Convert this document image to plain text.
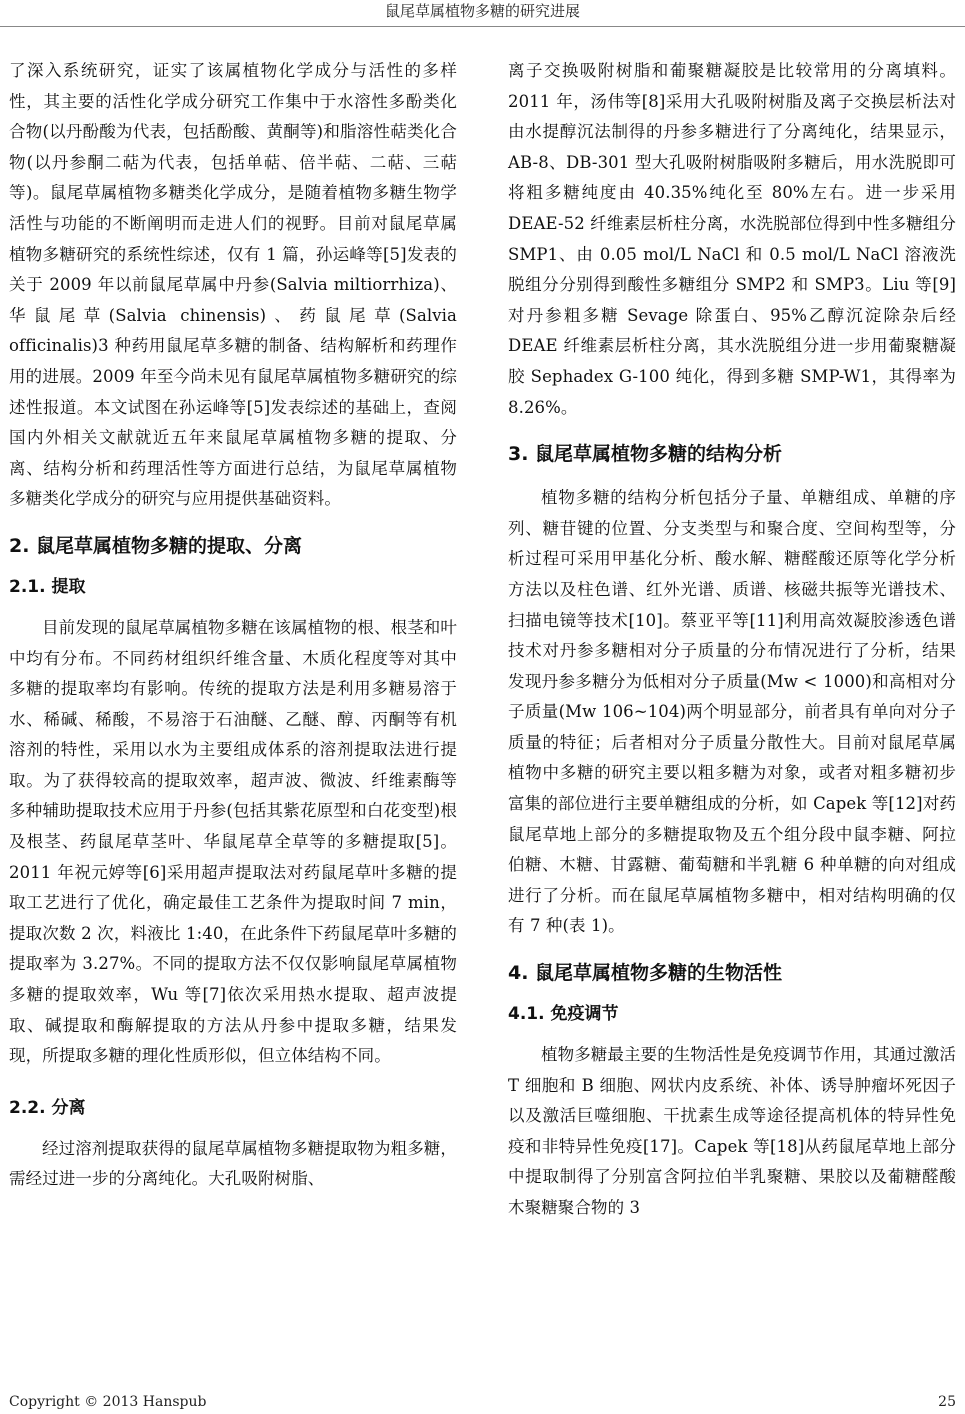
鼠尾草属植物多糖的研究进展

了深入系统研究，证实了该属植物化学成分与活性的多样性，其主要的活性化学成分研究工作集中于水溶性多酚类化合物(以丹酚酸为代表，包括酚酸、黄酮等)和脂溶性萜类化合物(以丹参酮二萜为代表，包括单萜、倍半萜、二萜、三萜等)。鼠尾草属植物多糖类化学成分，是随着植物多糖生物学活性与功能的不断阐明而走进人们的视野。目前对鼠尾草属植物多糖研究的系统性综述，仅有 1 篇，孙运峰等[5]发表的关于 2009 年以前鼠尾草属中丹参(Salvia miltiorrhiza)、华鼠尾草(Salvia chinensis)、药鼠尾草(Salvia officinalis)3 种药用鼠尾草多糖的制备、结构解析和药理作用的进展。2009 年至今尚未见有鼠尾草属植物多糖研究的综述性报道。本文试图在孙运峰等[5]发表综述的基础上，查阅国内外相关文献就近五年来鼠尾草属植物多糖的提取、分离、结构分析和药理活性等方面进行总结，为鼠尾草属植物多糖类化学成分的研究与应用提供基础资料。

2. 鼠尾草属植物多糖的提取、分离
2.1. 提取

目前发现的鼠尾草属植物多糖在该属植物的根、根茎和叶中均有分布。不同药材组织纤维含量、木质化程度等对其中多糖的提取率均有影响。传统的提取方法是利用多糖易溶于水、稀碱、稀酸，不易溶于石油醚、乙醚、醇、丙酮等有机溶剂的特性，采用以水为主要组成体系的溶剂提取法进行提取。为了获得较高的提取效率，超声波、微波、纤维素酶等多种辅助提取技术应用于丹参(包括其紫花原型和白花变型)根及根茎、药鼠尾草茎叶、华鼠尾草全草等的多糖提取[5]。2011 年祝元婷等[6]采用超声提取法对药鼠尾草叶多糖的提取工艺进行了优化，确定最佳工艺条件为提取时间 7 min，提取次数 2 次，料液比 1:40，在此条件下药鼠尾草叶多糖的提取率为 3.27%。不同的提取方法不仅仅影响鼠尾草属植物多糖的提取效率，Wu 等[7]依次采用热水提取、超声波提取、碱提取和酶解提取的方法从丹参中提取多糖，结果发现，所提取多糖的理化性质形似，但立体结构不同。

2.2. 分离

经过溶剂提取获得的鼠尾草属植物多糖提取物为粗多糖，需经过进一步的分离纯化。大孔吸附树脂、

离子交换吸附树脂和葡聚糖凝胶是比较常用的分离填料。2011 年，汤伟等[8]采用大孔吸附树脂及离子交换层析法对由水提醇沉法制得的丹参多糖进行了分离纯化，结果显示，AB-8、DB-301 型大孔吸附树脂吸附多糖后，用水洗脱即可将粗多糖纯度由 40.35%纯化至 80%左右。进一步采用 DEAE-52 纤维素层析柱分离，水洗脱部位得到中性多糖组分 SMP1、由 0.05 mol/L NaCl 和 0.5 mol/L NaCl 溶液洗脱组分分别得到酸性多糖组分 SMP2 和 SMP3。Liu 等[9]对丹参粗多糖 Sevage 除蛋白、95%乙醇沉淀除杂后经 DEAE 纤维素层析柱分离，其水洗脱组分进一步用葡聚糖凝胶 Sephadex G-100 纯化，得到多糖 SMP-W1，其得率为 8.26%。

3. 鼠尾草属植物多糖的结构分析

植物多糖的结构分析包括分子量、单糖组成、单糖的序列、糖苷键的位置、分支类型与和聚合度、空间构型等，分析过程可采用甲基化分析、酸水解、糖醛酸还原等化学分析方法以及柱色谱、红外光谱、质谱、核磁共振等光谱技术、扫描电镜等技术[10]。蔡亚平等[11]利用高效凝胶渗透色谱技术对丹参多糖相对分子质量的分布情况进行了分析，结果发现丹参多糖分为低相对分子质量(Mw < 1000)和高相对分子质量(Mw 106~104)两个明显部分，前者具有单向对分子质量的特征；后者相对分子质量分散性大。目前对鼠尾草属植物中多糖的研究主要以粗多糖为对象，或者对粗多糖初步富集的部位进行主要单糖组成的分析，如 Capek 等[12]对药鼠尾草地上部分的多糖提取物及五个组分段中鼠李糖、阿拉伯糖、木糖、甘露糖、葡萄糖和半乳糖 6 种单糖的向对组成进行了分析。而在鼠尾草属植物多糖中，相对结构明确的仅有 7 种(表 1)。

4. 鼠尾草属植物多糖的生物活性
4.1. 免疫调节

植物多糖最主要的生物活性是免疫调节作用，其通过激活 T 细胞和 B 细胞、网状内皮系统、补体、诱导肿瘤坏死因子以及激活巨噬细胞、干扰素生成等途径提高机体的特异性免疫和非特异性免疫[17]。Capek 等[18]从药鼠尾草地上部分中提取制得了分别富含阿拉伯半乳聚糖、果胶以及葡糖醛酸木聚糖聚合物的 3

Copyright © 2013 Hanspub	25
